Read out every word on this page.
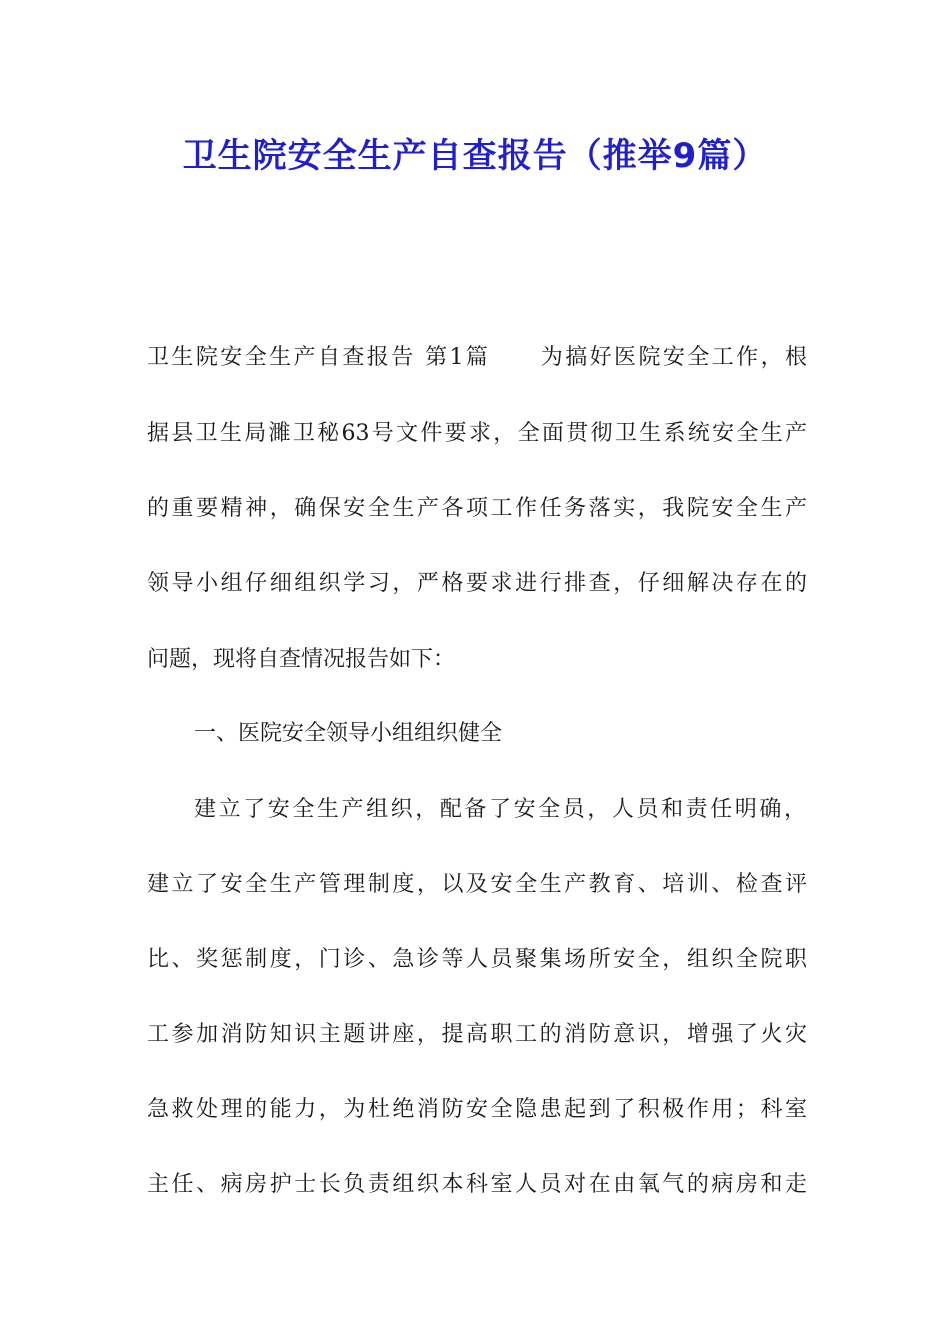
卫生院安全生产自查报告（推举9篇）

卫生院安全生产自查报告 第1篇 为搞好医院安全工作，根

据县卫生局濉卫秘63号文件要求，全面贯彻卫生系统安全生产

的重要精神，确保安全生产各项工作任务落实，我院安全生产

领导小组仔细组织学习，严格要求进行排查，仔细解决存在的

问题，现将自查情况报告如下：

一、医院安全领导小组组织健全

建立了安全生产组织，配备了安全员，人员和责任明确，

建立了安全生产管理制度，以及安全生产教育、培训、检查评

比、奖惩制度，门诊、急诊等人员聚集场所安全，组织全院职

工参加消防知识主题讲座，提高职工的消防意识，增强了火灾

急救处理的能力，为杜绝消防安全隐患起到了积极作用；科室

主任、病房护士长负责组织本科室人员对在由氧气的病房和走
